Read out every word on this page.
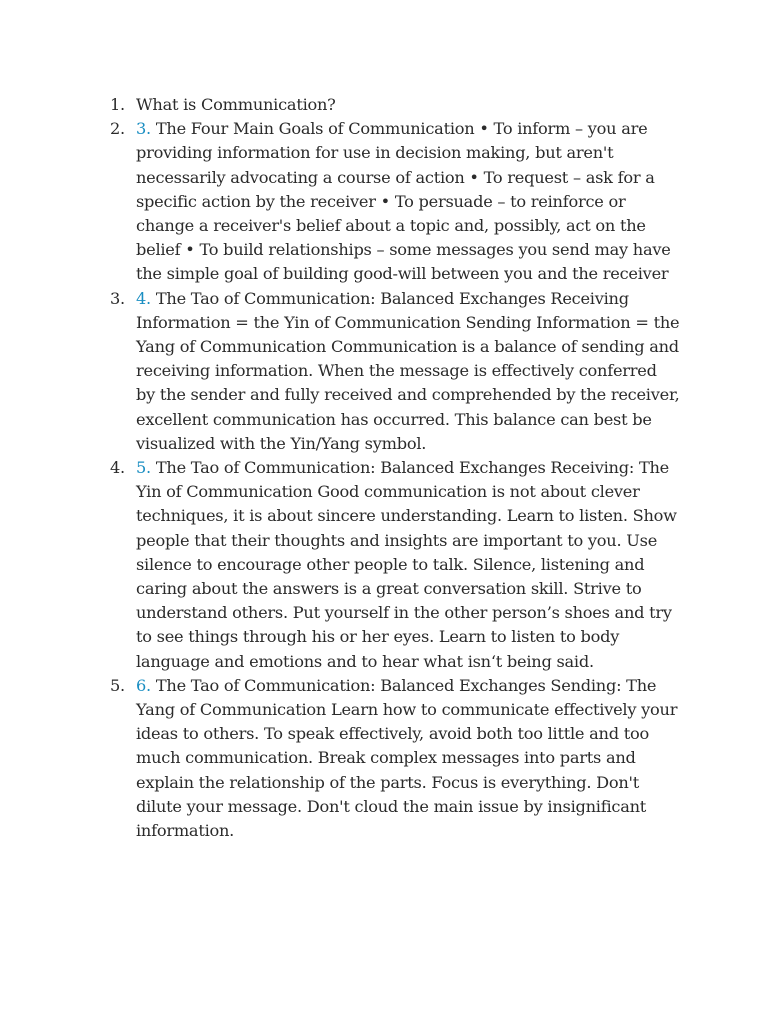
1. What is Communication?
2. 3. The Four Main Goals of Communication • To inform – you are providing information for use in decision making, but aren't necessarily advocating a course of action • To request – ask for a specific action by the receiver • To persuade – to reinforce or change a receiver's belief about a topic and, possibly, act on the belief • To build relationships – some messages you send may have the simple goal of building good-will between you and the receiver
3. 4. The Tao of Communication: Balanced Exchanges Receiving Information = the Yin of Communication Sending Information = the Yang of Communication Communication is a balance of sending and receiving information. When the message is effectively conferred by the sender and fully received and comprehended by the receiver, excellent communication has occurred. This balance can best be visualized with the Yin/Yang symbol.
4. 5. The Tao of Communication: Balanced Exchanges Receiving: The Yin of Communication Good communication is not about clever techniques, it is about sincere understanding. Learn to listen. Show people that their thoughts and insights are important to you. Use silence to encourage other people to talk. Silence, listening and caring about the answers is a great conversation skill. Strive to understand others. Put yourself in the other person’s shoes and try to see things through his or her eyes. Learn to listen to body language and emotions and to hear what isn‘t being said.
5. 6. The Tao of Communication: Balanced Exchanges Sending: The Yang of Communication Learn how to communicate effectively your ideas to others. To speak effectively, avoid both too little and too much communication. Break complex messages into parts and explain the relationship of the parts. Focus is everything. Don't dilute your message. Don't cloud the main issue by insignificant information.
